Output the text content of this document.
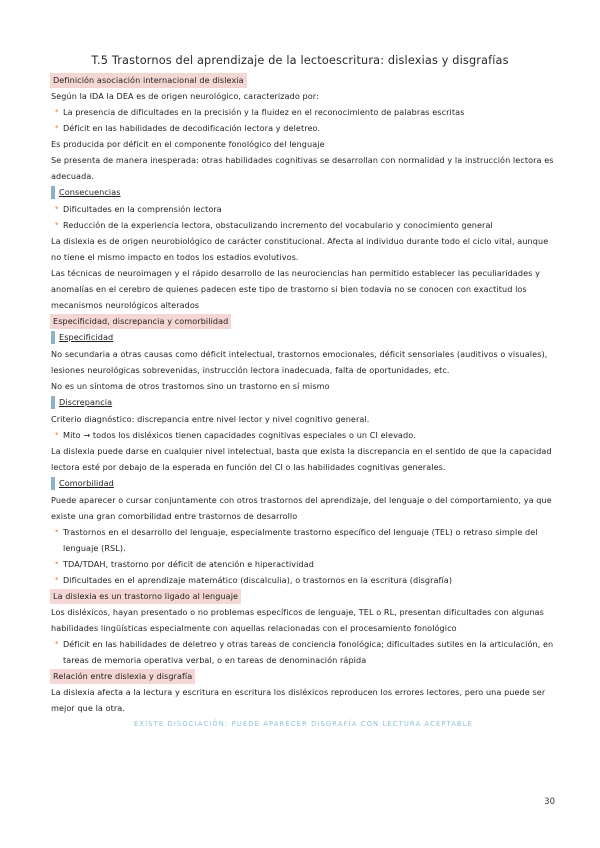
T.5 Trastornos del aprendizaje de la lectoescritura: dislexias y disgrafías

Definición asociación internacional de dislexia

Según la IDA la DEA es de origen neurológico, caracterizado por:

• La presencia de dificultades en la precisión y la fluidez en el reconocimiento de palabras escritas

• Déficit en las habilidades de decodificación lectora y deletreo.

Es producida por déficit en el componente fonológico del lenguaje

Se presenta de manera inesperada: otras habilidades cognitivas se desarrollan con normalidad y la instrucción lectora es adecuada.

Consecuencias

• Dificultades en la comprensión lectora

• Reducción de la experiencia lectora, obstaculizando incremento del vocabulario y conocimiento general

La dislexia es de origen neurobiológico de carácter constitucional. Afecta al individuo durante todo el ciclo vital, aunque no tiene el mismo impacto en todos los estadios evolutivos.

Las técnicas de neuroimagen y el rápido desarrollo de las neurociencias han permitido establecer las peculiaridades y anomalías en el cerebro de quienes padecen este tipo de trastorno si bien todavía no se conocen con exactitud los mecanismos neurológicos alterados

Especificidad, discrepancia y comorbilidad

Especificidad

No secundaria a otras causas como déficit intelectual, trastornos emocionales, déficit sensoriales (auditivos o visuales), lesiones neurológicas sobrevenidas, instrucción lectora inadecuada, falta de oportunidades, etc.

No es un síntoma de otros trastornos sino un trastorno en sí mismo

Discrepancia

Criterio diagnóstico: discrepancia entre nivel lector y nivel cognitivo general.

• Mito → todos los disléxicos tienen capacidades cognitivas especiales o un CI elevado.

La dislexia puede darse en cualquier nivel intelectual, basta que exista la discrepancia en el sentido de que la capacidad lectora esté por debajo de la esperada en función del CI o las habilidades cognitivas generales.

Comorbilidad

Puede aparecer o cursar conjuntamente con otros trastornos del aprendizaje, del lenguaje o del comportamiento, ya que existe una gran comorbilidad entre trastornos de desarrollo

• Trastornos en el desarrollo del lenguaje, especialmente trastorno específico del lenguaje (TEL) o retraso simple del lenguaje (RSL).

• TDA/TDAH, trastorno por déficit de atención e hiperactividad

• Dificultades en el aprendizaje matemático (discalculia), o trastornos en la escritura (disgrafía)

La dislexia es un trastorno ligado al lenguaje

Los disléxicos, hayan presentado o no problemas específicos de lenguaje, TEL o RL, presentan dificultades con algunas habilidades lingüísticas especialmente con aquellas relacionadas con el procesamiento fonológico

• Déficit en las habilidades de deletreo y otras tareas de conciencia fonológica; dificultades sutiles en la articulación, en tareas de memoria operativa verbal, o en tareas de denominación rápida

Relación entre dislexia y disgrafía

La dislexia afecta a la lectura y escritura en escritura los disléxicos reproducen los errores lectores, pero una puede ser mejor que la otra.

EXISTE DISOCIACIÓN: PUEDE APARECER DISGRAFÍA CON LECTURA ACEPTABLE

30
